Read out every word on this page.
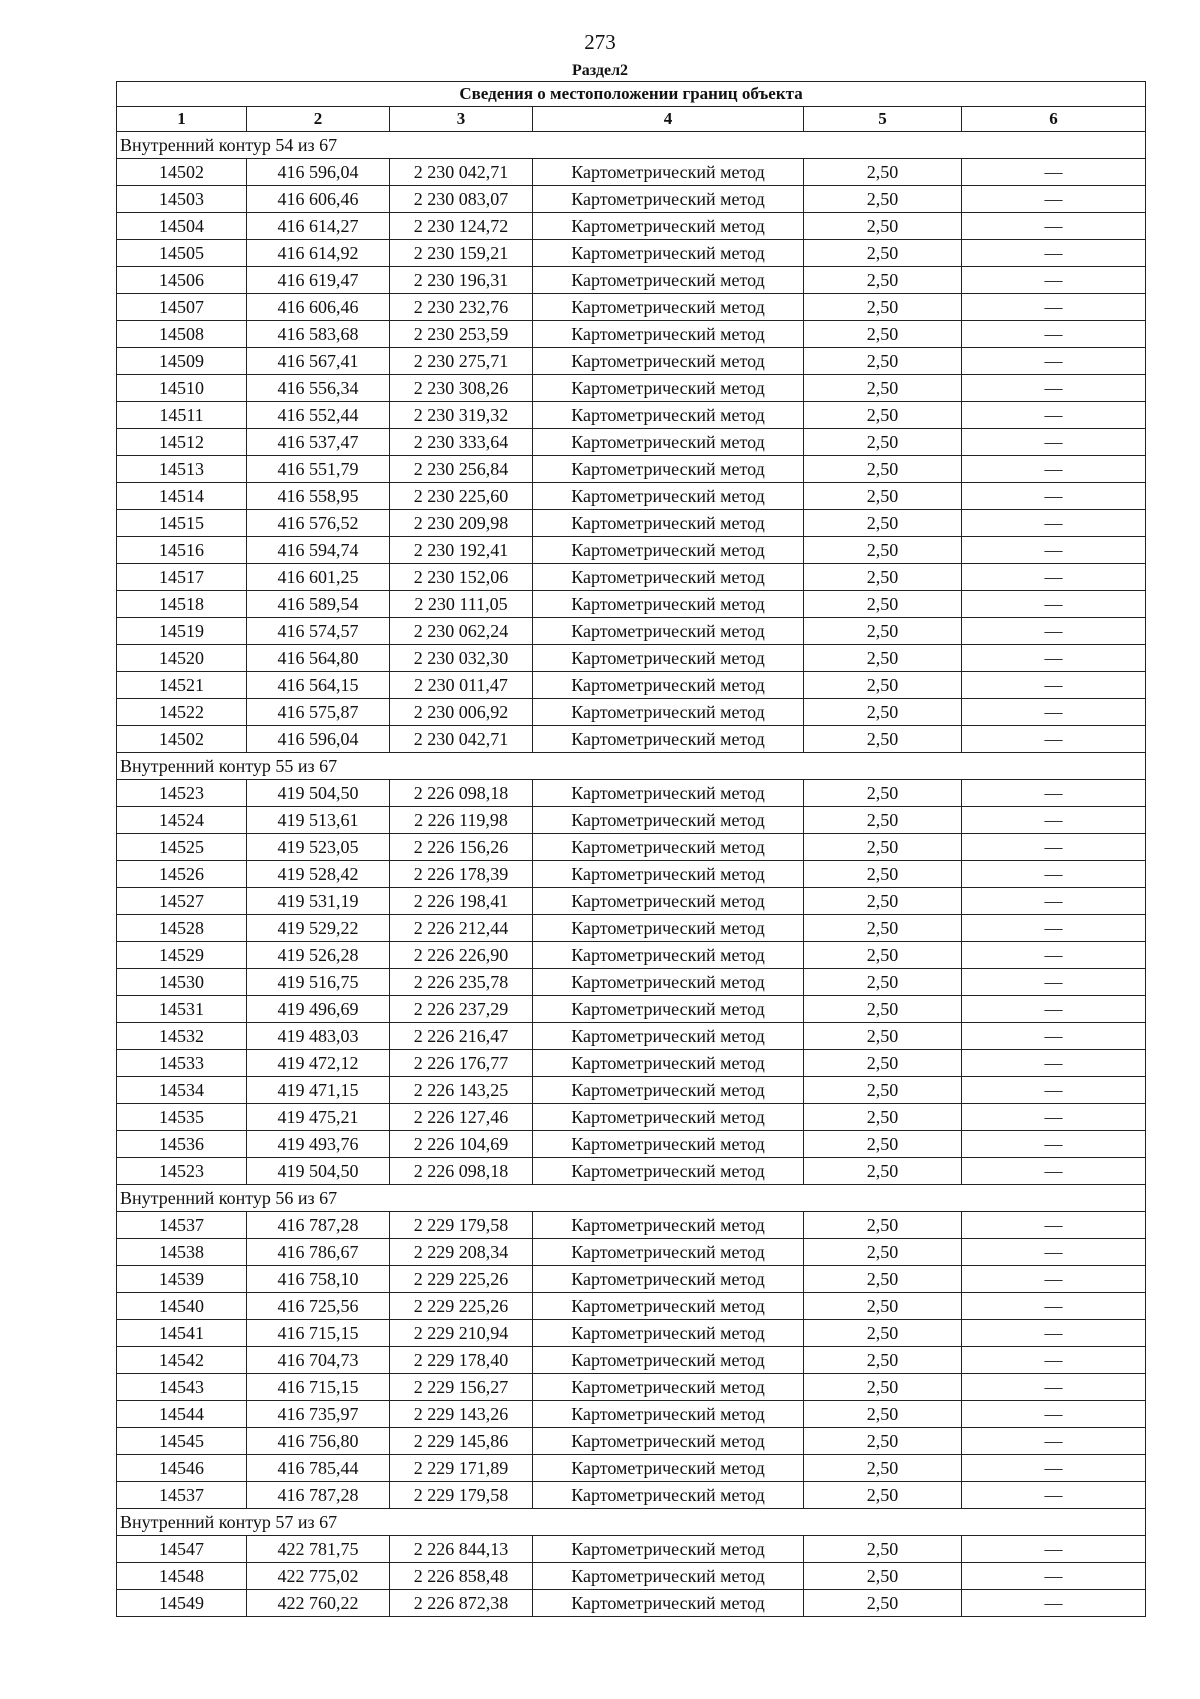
273
Раздел2
Сведения о местоположении границ объекта					
1	2	3	4	5	6
Внутренний контур 54 из 67					
14502	416 596,04	2 230 042,71	Картометрический метод	2,50	—
14503	416 606,46	2 230 083,07	Картометрический метод	2,50	—
14504	416 614,27	2 230 124,72	Картометрический метод	2,50	—
14505	416 614,92	2 230 159,21	Картометрический метод	2,50	—
14506	416 619,47	2 230 196,31	Картометрический метод	2,50	—
14507	416 606,46	2 230 232,76	Картометрический метод	2,50	—
14508	416 583,68	2 230 253,59	Картометрический метод	2,50	—
14509	416 567,41	2 230 275,71	Картометрический метод	2,50	—
14510	416 556,34	2 230 308,26	Картометрический метод	2,50	—
14511	416 552,44	2 230 319,32	Картометрический метод	2,50	—
14512	416 537,47	2 230 333,64	Картометрический метод	2,50	—
14513	416 551,79	2 230 256,84	Картометрический метод	2,50	—
14514	416 558,95	2 230 225,60	Картометрический метод	2,50	—
14515	416 576,52	2 230 209,98	Картометрический метод	2,50	—
14516	416 594,74	2 230 192,41	Картометрический метод	2,50	—
14517	416 601,25	2 230 152,06	Картометрический метод	2,50	—
14518	416 589,54	2 230 111,05	Картометрический метод	2,50	—
14519	416 574,57	2 230 062,24	Картометрический метод	2,50	—
14520	416 564,80	2 230 032,30	Картометрический метод	2,50	—
14521	416 564,15	2 230 011,47	Картометрический метод	2,50	—
14522	416 575,87	2 230 006,92	Картометрический метод	2,50	—
14502	416 596,04	2 230 042,71	Картометрический метод	2,50	—
Внутренний контур 55 из 67					
14523	419 504,50	2 226 098,18	Картометрический метод	2,50	—
14524	419 513,61	2 226 119,98	Картометрический метод	2,50	—
14525	419 523,05	2 226 156,26	Картометрический метод	2,50	—
14526	419 528,42	2 226 178,39	Картометрический метод	2,50	—
14527	419 531,19	2 226 198,41	Картометрический метод	2,50	—
14528	419 529,22	2 226 212,44	Картометрический метод	2,50	—
14529	419 526,28	2 226 226,90	Картометрический метод	2,50	—
14530	419 516,75	2 226 235,78	Картометрический метод	2,50	—
14531	419 496,69	2 226 237,29	Картометрический метод	2,50	—
14532	419 483,03	2 226 216,47	Картометрический метод	2,50	—
14533	419 472,12	2 226 176,77	Картометрический метод	2,50	—
14534	419 471,15	2 226 143,25	Картометрический метод	2,50	—
14535	419 475,21	2 226 127,46	Картометрический метод	2,50	—
14536	419 493,76	2 226 104,69	Картометрический метод	2,50	—
14523	419 504,50	2 226 098,18	Картометрический метод	2,50	—
Внутренний контур 56 из 67					
14537	416 787,28	2 229 179,58	Картометрический метод	2,50	—
14538	416 786,67	2 229 208,34	Картометрический метод	2,50	—
14539	416 758,10	2 229 225,26	Картометрический метод	2,50	—
14540	416 725,56	2 229 225,26	Картометрический метод	2,50	—
14541	416 715,15	2 229 210,94	Картометрический метод	2,50	—
14542	416 704,73	2 229 178,40	Картометрический метод	2,50	—
14543	416 715,15	2 229 156,27	Картометрический метод	2,50	—
14544	416 735,97	2 229 143,26	Картометрический метод	2,50	—
14545	416 756,80	2 229 145,86	Картометрический метод	2,50	—
14546	416 785,44	2 229 171,89	Картометрический метод	2,50	—
14537	416 787,28	2 229 179,58	Картометрический метод	2,50	—
Внутренний контур 57 из 67					
14547	422 781,75	2 226 844,13	Картометрический метод	2,50	—
14548	422 775,02	2 226 858,48	Картометрический метод	2,50	—
14549	422 760,22	2 226 872,38	Картометрический метод	2,50	—
